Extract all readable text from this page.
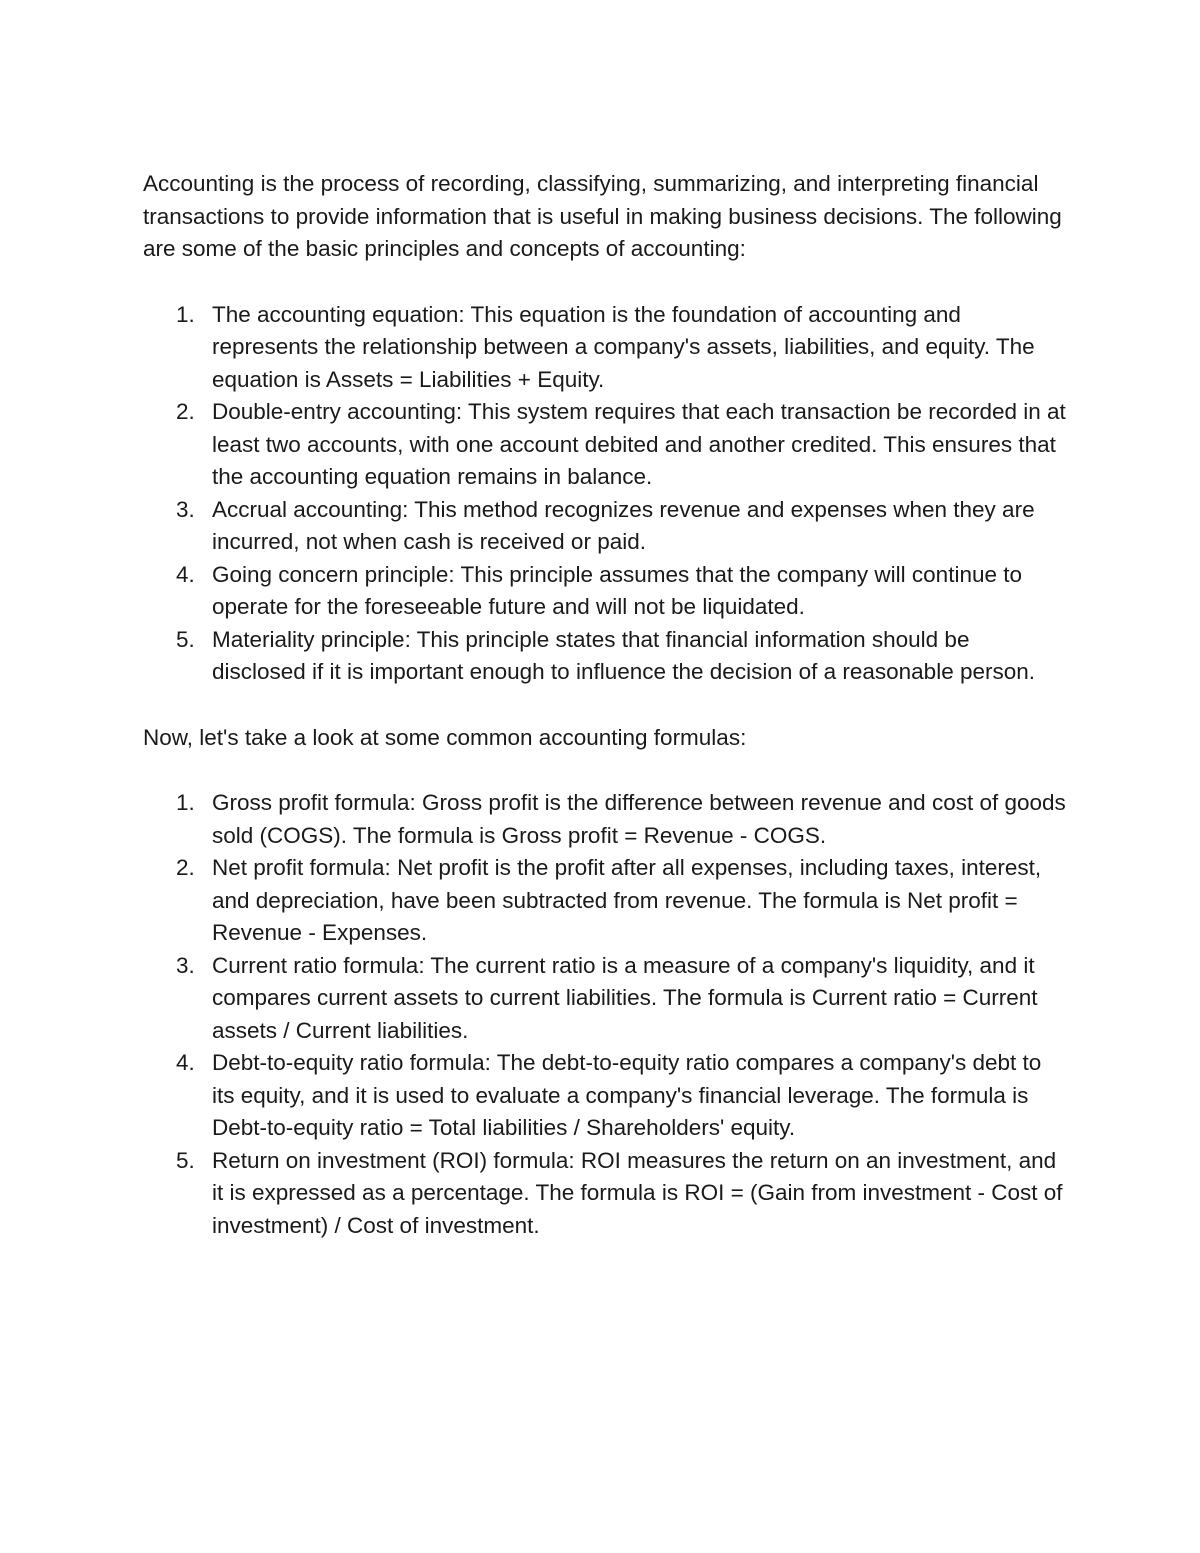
Accounting is the process of recording, classifying, summarizing, and interpreting financial transactions to provide information that is useful in making business decisions. The following are some of the basic principles and concepts of accounting:

1. The accounting equation: This equation is the foundation of accounting and represents the relationship between a company's assets, liabilities, and equity. The equation is Assets = Liabilities + Equity.
2. Double-entry accounting: This system requires that each transaction be recorded in at least two accounts, with one account debited and another credited. This ensures that the accounting equation remains in balance.
3. Accrual accounting: This method recognizes revenue and expenses when they are incurred, not when cash is received or paid.
4. Going concern principle: This principle assumes that the company will continue to operate for the foreseeable future and will not be liquidated.
5. Materiality principle: This principle states that financial information should be disclosed if it is important enough to influence the decision of a reasonable person.

Now, let's take a look at some common accounting formulas:

1. Gross profit formula: Gross profit is the difference between revenue and cost of goods sold (COGS). The formula is Gross profit = Revenue - COGS.
2. Net profit formula: Net profit is the profit after all expenses, including taxes, interest, and depreciation, have been subtracted from revenue. The formula is Net profit = Revenue - Expenses.
3. Current ratio formula: The current ratio is a measure of a company's liquidity, and it compares current assets to current liabilities. The formula is Current ratio = Current assets / Current liabilities.
4. Debt-to-equity ratio formula: The debt-to-equity ratio compares a company's debt to its equity, and it is used to evaluate a company's financial leverage. The formula is Debt-to-equity ratio = Total liabilities / Shareholders' equity.
5. Return on investment (ROI) formula: ROI measures the return on an investment, and it is expressed as a percentage. The formula is ROI = (Gain from investment - Cost of investment) / Cost of investment.
